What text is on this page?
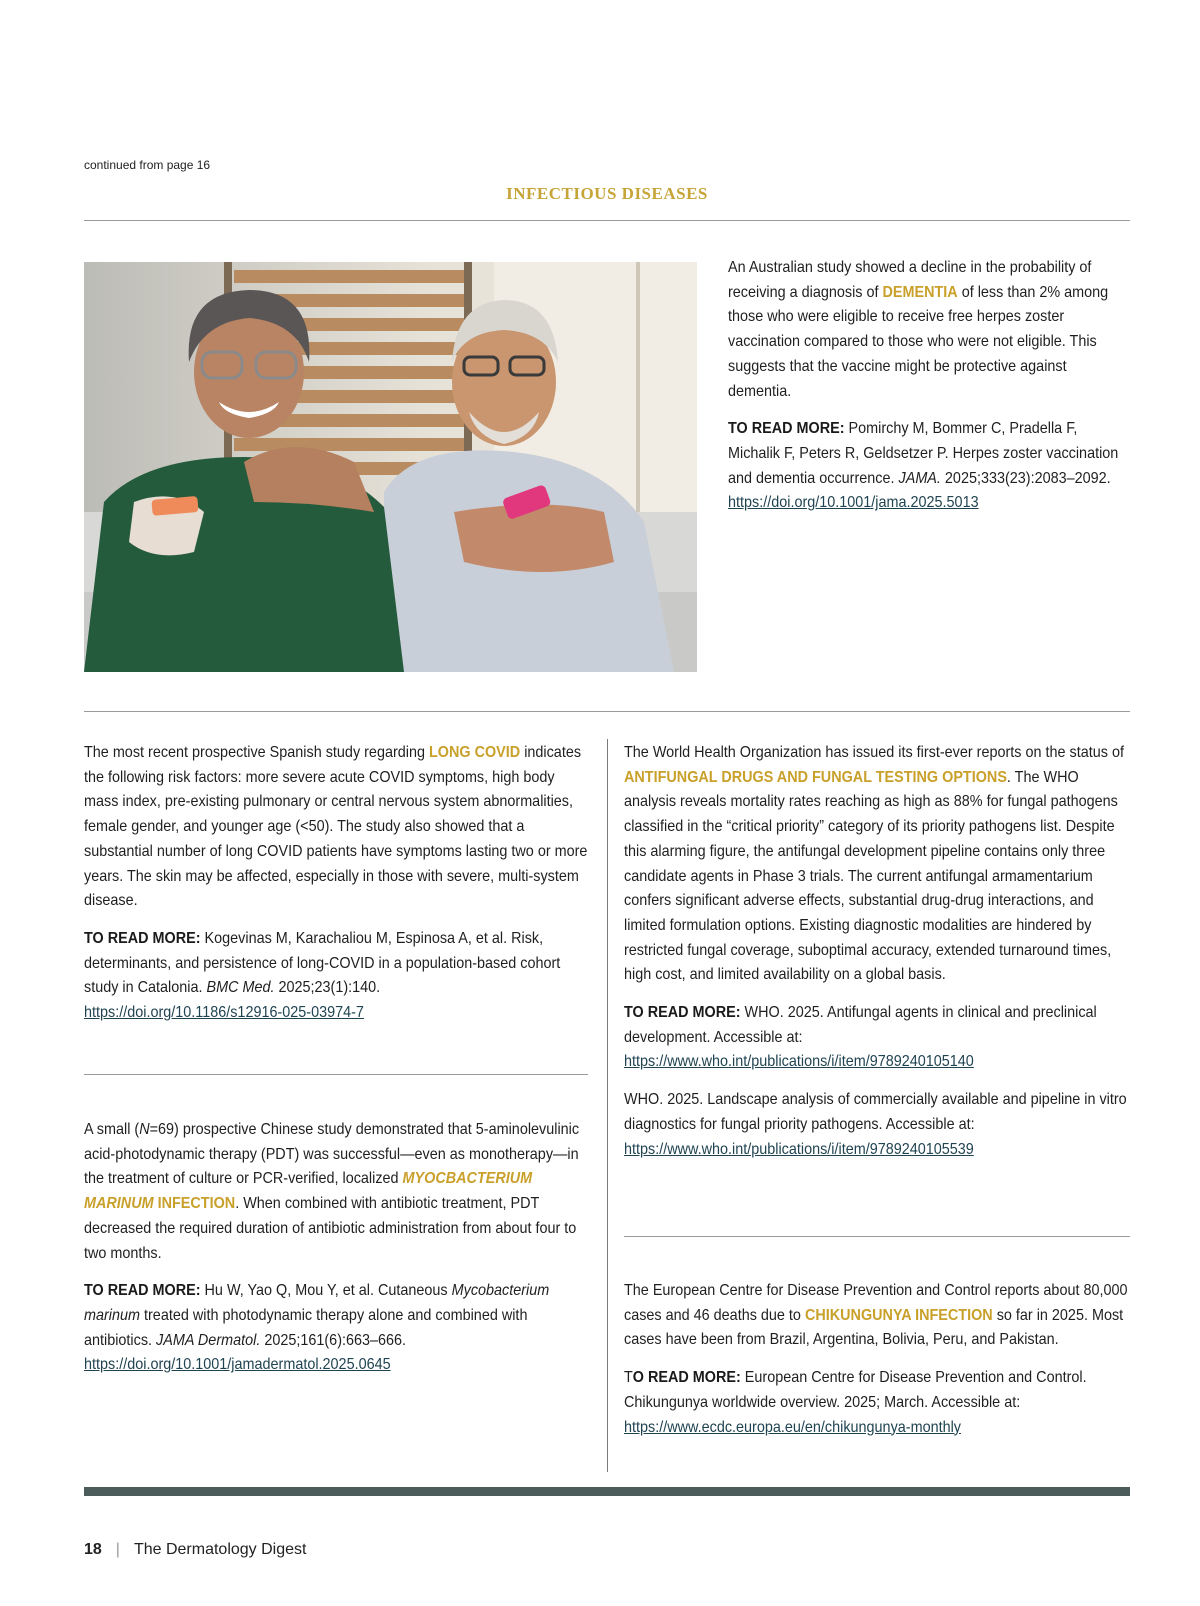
continued from page 16
INFECTIOUS DISEASES

An Australian study showed a decline in the probability of receiving a diagnosis of DEMENTIA of less than 2% among those who were eligible to receive free herpes zoster vaccination compared to those who were not eligible. This suggests that the vaccine might be protective against dementia.

TO READ MORE: Pomirchy M, Bommer C, Pradella F, Michalik F, Peters R, Geldsetzer P. Herpes zoster vaccination and dementia occurrence. JAMA. 2025;333(23):2083–2092.
https://doi.org/10.1001/jama.2025.5013

The most recent prospective Spanish study regarding LONG COVID indicates the following risk factors: more severe acute COVID symptoms, high body mass index, pre-existing pulmonary or central nervous system abnormalities, female gender, and younger age (<50). The study also showed that a substantial number of long COVID patients have symptoms lasting two or more years. The skin may be affected, especially in those with severe, multi-system disease.

TO READ MORE: Kogevinas M, Karachaliou M, Espinosa A, et al. Risk, determinants, and persistence of long-COVID in a population-based cohort study in Catalonia. BMC Med. 2025;23(1):140.
https://doi.org/10.1186/s12916-025-03974-7

A small (N=69) prospective Chinese study demonstrated that 5-aminolevulinic acid-photodynamic therapy (PDT) was successful—even as monotherapy—in the treatment of culture or PCR-verified, localized MYOCBACTERIUM MARINUM INFECTION. When combined with antibiotic treatment, PDT decreased the required duration of antibiotic administration from about four to two months.

TO READ MORE: Hu W, Yao Q, Mou Y, et al. Cutaneous Mycobacterium marinum treated with photodynamic therapy alone and combined with antibiotics. JAMA Dermatol. 2025;161(6):663–666.
https://doi.org/10.1001/jamadermatol.2025.0645

The World Health Organization has issued its first-ever reports on the status of ANTIFUNGAL DRUGS AND FUNGAL TESTING OPTIONS. The WHO analysis reveals mortality rates reaching as high as 88% for fungal pathogens classified in the “critical priority” category of its priority pathogens list. Despite this alarming figure, the antifungal development pipeline contains only three candidate agents in Phase 3 trials. The current antifungal armamentarium confers significant adverse effects, substantial drug-drug interactions, and limited formulation options. Existing diagnostic modalities are hindered by restricted fungal coverage, suboptimal accuracy, extended turnaround times, high cost, and limited availability on a global basis.

TO READ MORE: WHO. 2025. Antifungal agents in clinical and preclinical development. Accessible at:
https://www.who.int/publications/i/item/9789240105140

WHO. 2025. Landscape analysis of commercially available and pipeline in vitro diagnostics for fungal priority pathogens. Accessible at: https://www.who.int/publications/i/item/9789240105539

The European Centre for Disease Prevention and Control reports about 80,000 cases and 46 deaths due to CHIKUNGUNYA INFECTION so far in 2025. Most cases have been from Brazil, Argentina, Bolivia, Peru, and Pakistan.

TO READ MORE: European Centre for Disease Prevention and Control. Chikungunya worldwide overview. 2025; March. Accessible at:
https://www.ecdc.europa.eu/en/chikungunya-monthly

18 | The Dermatology Digest
